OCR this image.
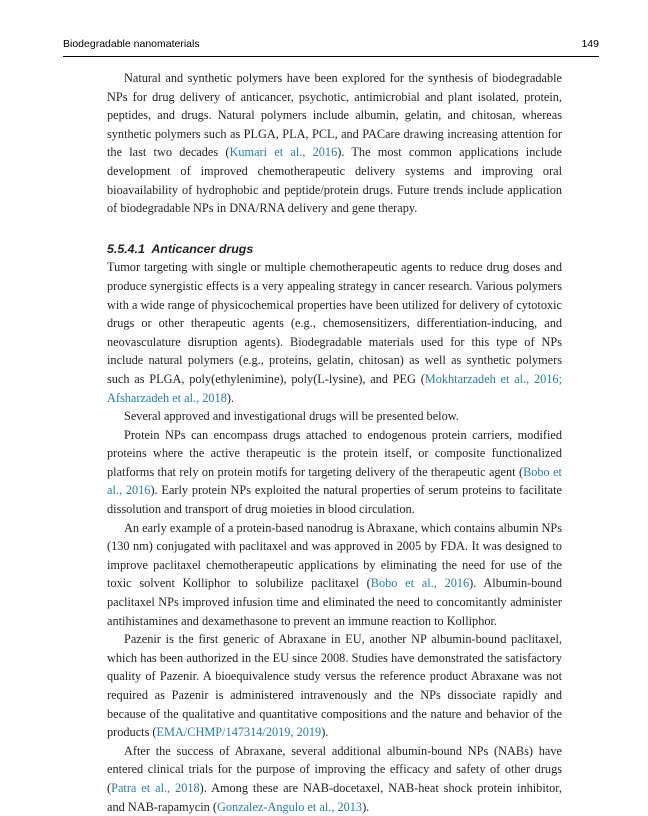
Biodegradable nanomaterials	149

Natural and synthetic polymers have been explored for the synthesis of biodegradable NPs for drug delivery of anticancer, psychotic, antimicrobial and plant isolated, protein, peptides, and drugs. Natural polymers include albumin, gelatin, and chitosan, whereas synthetic polymers such as PLGA, PLA, PCL, and PACare drawing increasing attention for the last two decades (Kumari et al., 2016). The most common applications include development of improved chemotherapeutic delivery systems and improving oral bioavailability of hydrophobic and peptide/protein drugs. Future trends include application of biodegradable NPs in DNA/RNA delivery and gene therapy.

5.5.4.1 Anticancer drugs

Tumor targeting with single or multiple chemotherapeutic agents to reduce drug doses and produce synergistic effects is a very appealing strategy in cancer research. Various polymers with a wide range of physicochemical properties have been utilized for delivery of cytotoxic drugs or other therapeutic agents (e.g., chemosensitizers, differentiation-inducing, and neovasculature disruption agents). Biodegradable materials used for this type of NPs include natural polymers (e.g., proteins, gelatin, chitosan) as well as synthetic polymers such as PLGA, poly(ethylenimine), poly(L-lysine), and PEG (Mokhtarzadeh et al., 2016; Afsharzadeh et al., 2018).

Several approved and investigational drugs will be presented below.

Protein NPs can encompass drugs attached to endogenous protein carriers, modified proteins where the active therapeutic is the protein itself, or composite functionalized platforms that rely on protein motifs for targeting delivery of the therapeutic agent (Bobo et al., 2016). Early protein NPs exploited the natural properties of serum proteins to facilitate dissolution and transport of drug moieties in blood circulation.

An early example of a protein-based nanodrug is Abraxane, which contains albumin NPs (130 nm) conjugated with paclitaxel and was approved in 2005 by FDA. It was designed to improve paclitaxel chemotherapeutic applications by eliminating the need for use of the toxic solvent Kolliphor to solubilize paclitaxel (Bobo et al., 2016). Albumin-bound paclitaxel NPs improved infusion time and eliminated the need to concomitantly administer antihistamines and dexamethasone to prevent an immune reaction to Kolliphor.

Pazenir is the first generic of Abraxane in EU, another NP albumin-bound paclitaxel, which has been authorized in the EU since 2008. Studies have demonstrated the satisfactory quality of Pazenir. A bioequivalence study versus the reference product Abraxane was not required as Pazenir is administered intravenously and the NPs dissociate rapidly and because of the qualitative and quantitative compositions and the nature and behavior of the products (EMA/CHMP/147314/2019, 2019).

After the success of Abraxane, several additional albumin-bound NPs (NABs) have entered clinical trials for the purpose of improving the efficacy and safety of other drugs (Patra et al., 2018). Among these are NAB-docetaxel, NAB-heat shock protein inhibitor, and NAB-rapamycin (Gonzalez-Angulo et al., 2013).
